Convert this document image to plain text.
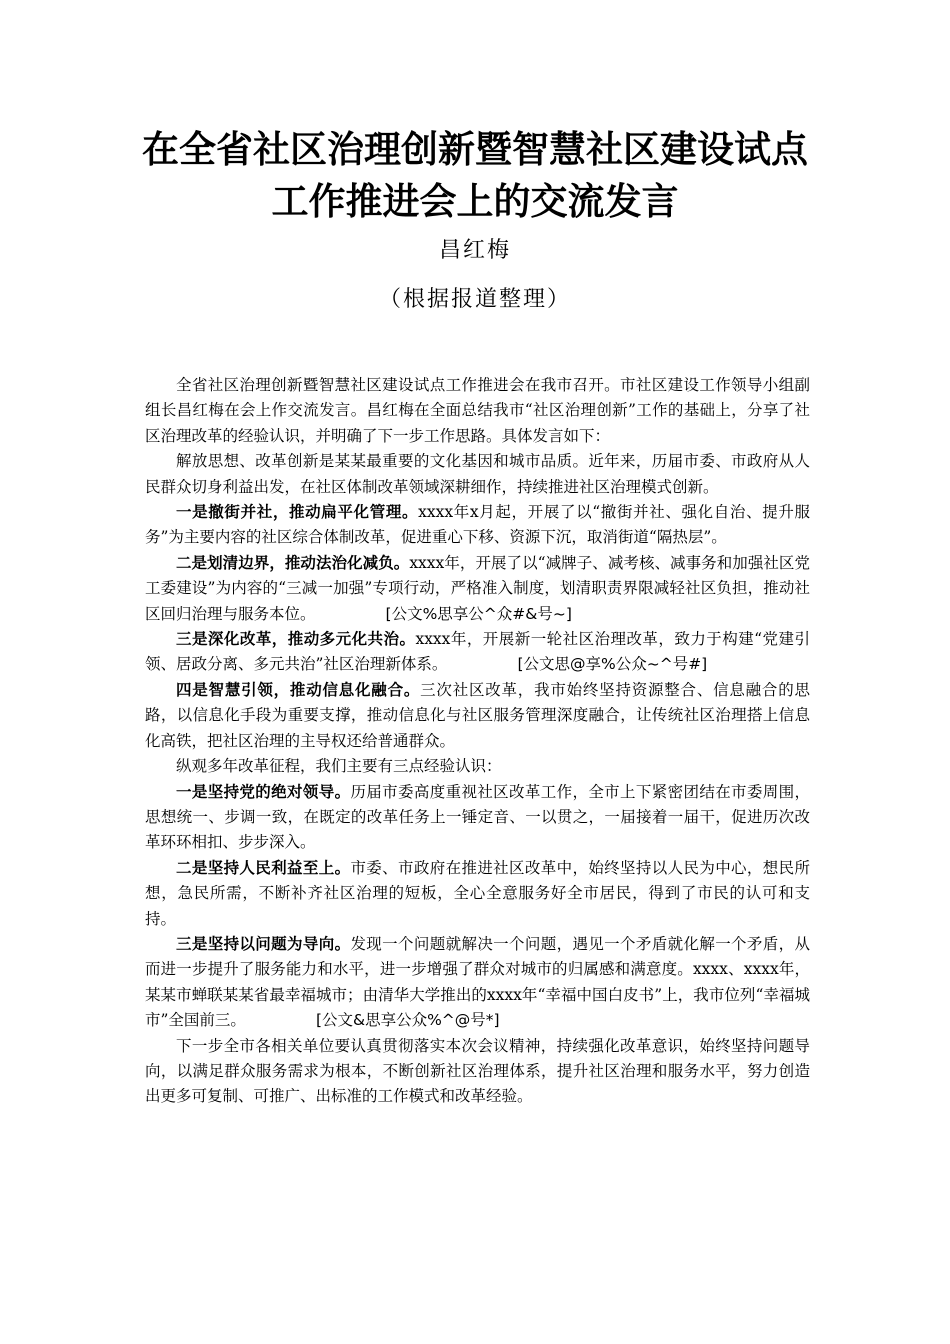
在全省社区治理创新暨智慧社区建设试点
工作推进会上的交流发言
昌红梅
（根据报道整理）

全省社区治理创新暨智慧社区建设试点工作推进会在我市召开。市社区建设工作领导小组副组长昌红梅在会上作交流发言。昌红梅在全面总结我市“社区治理创新”工作的基础上，分享了社区治理改革的经验认识，并明确了下一步工作思路。具体发言如下：

解放思想、改革创新是某某最重要的文化基因和城市品质。近年来，历届市委、市政府从人民群众切身利益出发，在社区体制改革领域深耕细作，持续推进社区治理模式创新。

一是撤街并社，推动扁平化管理。xxxx年x月起，开展了以“撤街并社、强化自治、提升服务”为主要内容的社区综合体制改革，促进重心下移、资源下沉，取消街道“隔热层”。

二是划清边界，推动法治化减负。xxxx年，开展了以“减牌子、减考核、减事务和加强社区党工委建设”为内容的“三减一加强”专项行动，严格准入制度，划清职责界限减轻社区负担，推动社区回归治理与服务本位。	[公文%思享公^众#&号~]

三是深化改革，推动多元化共治。xxxx年，开展新一轮社区治理改革，致力于构建“党建引领、居政分离、多元共治”社区治理新体系。	[公文思@享%公众~^号#]

四是智慧引领，推动信息化融合。三次社区改革，我市始终坚持资源整合、信息融合的思路，以信息化手段为重要支撑，推动信息化与社区服务管理深度融合，让传统社区治理搭上信息化高铁，把社区治理的主导权还给普通群众。

纵观多年改革征程，我们主要有三点经验认识：

一是坚持党的绝对领导。历届市委高度重视社区改革工作，全市上下紧密团结在市委周围，思想统一、步调一致，在既定的改革任务上一锤定音、一以贯之，一届接着一届干，促进历次改革环环相扣、步步深入。

二是坚持人民利益至上。市委、市政府在推进社区改革中，始终坚持以人民为中心，想民所想，急民所需，不断补齐社区治理的短板，全心全意服务好全市居民，得到了市民的认可和支持。

三是坚持以问题为导向。发现一个问题就解决一个问题，遇见一个矛盾就化解一个矛盾，从而进一步提升了服务能力和水平，进一步增强了群众对城市的归属感和满意度。xxxx、xxxx年，某某市蝉联某某省最幸福城市；由清华大学推出的xxxx年“幸福中国白皮书”上，我市位列“幸福城市”全国前三。	[公文&思享公众%^@号*]

下一步全市各相关单位要认真贯彻落实本次会议精神，持续强化改革意识，始终坚持问题导向，以满足群众服务需求为根本，不断创新社区治理体系，提升社区治理和服务水平，努力创造出更多可复制、可推广、出标准的工作模式和改革经验。
